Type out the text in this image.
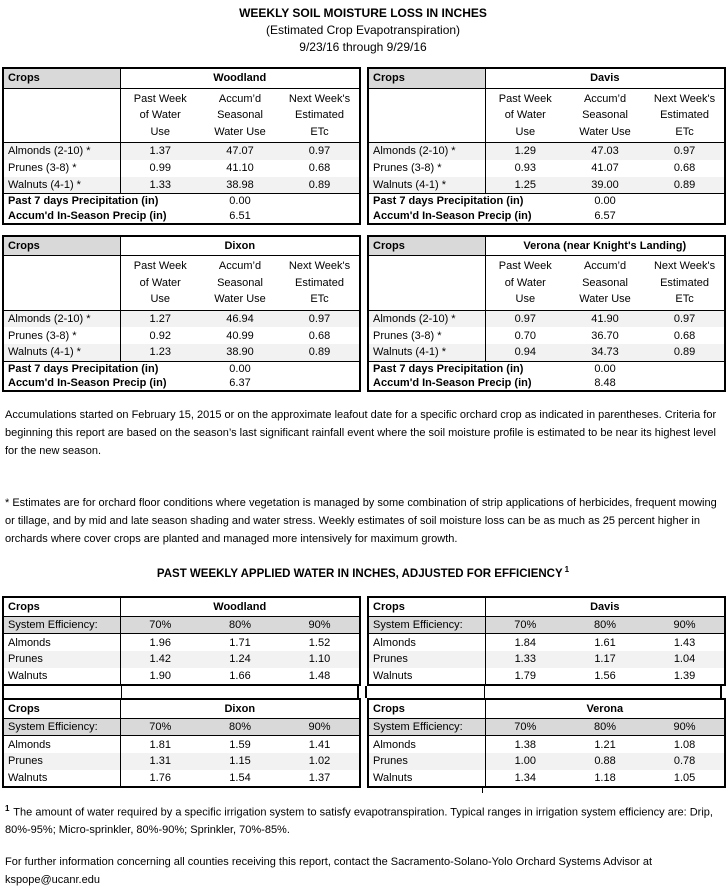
WEEKLY SOIL MOISTURE LOSS IN INCHES
(Estimated Crop Evapotranspiration)
9/23/16 through 9/29/16
Crops	Woodland		

Past Week
of Water
Use

Accum’d
Seasonal
Water Use

Next Week's
Estimated
ETc

Almonds (2-10) *	1.37	47.07	0.97
Prunes (3-8) *	0.99	41.10	0.68
Walnuts (4-1) *	1.33	38.98	0.89
Past 7 days Precipitation (in)		0.00	
Accum'd In-Season Precip (in)		6.51	
Crops	Davis		

Past Week
of Water
Use

Accum’d
Seasonal
Water Use

Next Week's
Estimated
ETc

Almonds (2-10) *	1.29	47.03	0.97
Prunes (3-8) *	0.93	41.07	0.68
Walnuts (4-1) *	1.25	39.00	0.89
Past 7 days Precipitation (in)		0.00	
Accum'd In-Season Precip (in)		6.57	
Crops	Dixon		

Past Week
of Water
Use

Accum’d
Seasonal
Water Use

Next Week's
Estimated
ETc

Almonds (2-10) *	1.27	46.94	0.97
Prunes (3-8) *	0.92	40.99	0.68
Walnuts (4-1) *	1.23	38.90	0.89
Past 7 days Precipitation (in)		0.00	
Accum'd In-Season Precip (in)		6.37	
Crops	Verona (near Knight's Landing)		

Past Week
of Water
Use

Accum’d
Seasonal
Water Use

Next Week's
Estimated
ETc

Almonds (2-10) *	0.97	41.90	0.97
Prunes (3-8) *	0.70	36.70	0.68
Walnuts (4-1) *	0.94	34.73	0.89
Past 7 days Precipitation (in)		0.00	
Accum'd In-Season Precip (in)		8.48	

Accumulations started on February 15, 2015 or on the approximate leafout date for a specific orchard crop as indicated in parentheses. Criteria for beginning this report are based on the season’s last significant rainfall event where the soil moisture profile is estimated to be near its highest level for the new season.

* Estimates are for orchard floor conditions where vegetation is managed by some combination of strip applications of herbicides, frequent mowing or tillage, and by mid and late season shading and water stress. Weekly estimates of soil moisture loss can be as much as 25 percent higher in orchards where cover crops are planted and managed more intensively for maximum growth.

PAST WEEKLY APPLIED WATER IN INCHES, ADJUSTED FOR EFFICIENCY $^1$
Crops	Woodland		
System Efficiency:	70%	80%	90%
Almonds	1.96	1.71	1.52
Prunes	1.42	1.24	1.10
Walnuts	1.90	1.66	1.48
Crops	Davis		
System Efficiency:	70%	80%	90%
Almonds	1.84	1.61	1.43
Prunes	1.33	1.17	1.04
Walnuts	1.79	1.56	1.39
Crops	Dixon		
System Efficiency:	70%	80%	90%
Almonds	1.81	1.59	1.41
Prunes	1.31	1.15	1.02
Walnuts	1.76	1.54	1.37
Crops	Verona		
System Efficiency:	70%	80%	90%
Almonds	1.38	1.21	1.08
Prunes	1.00	0.88	0.78
Walnuts	1.34	1.18	1.05

$^1$ The amount of water required by a specific irrigation system to satisfy evapotranspiration. Typical ranges in irrigation system efficiency are: Drip, 80%-95%; Micro-sprinkler, 80%-90%; Sprinkler, 70%-85%.

For further information concerning all counties receiving this report, contact the Sacramento-Solano-Yolo Orchard Systems Advisor at kspope@ucanr.edu
